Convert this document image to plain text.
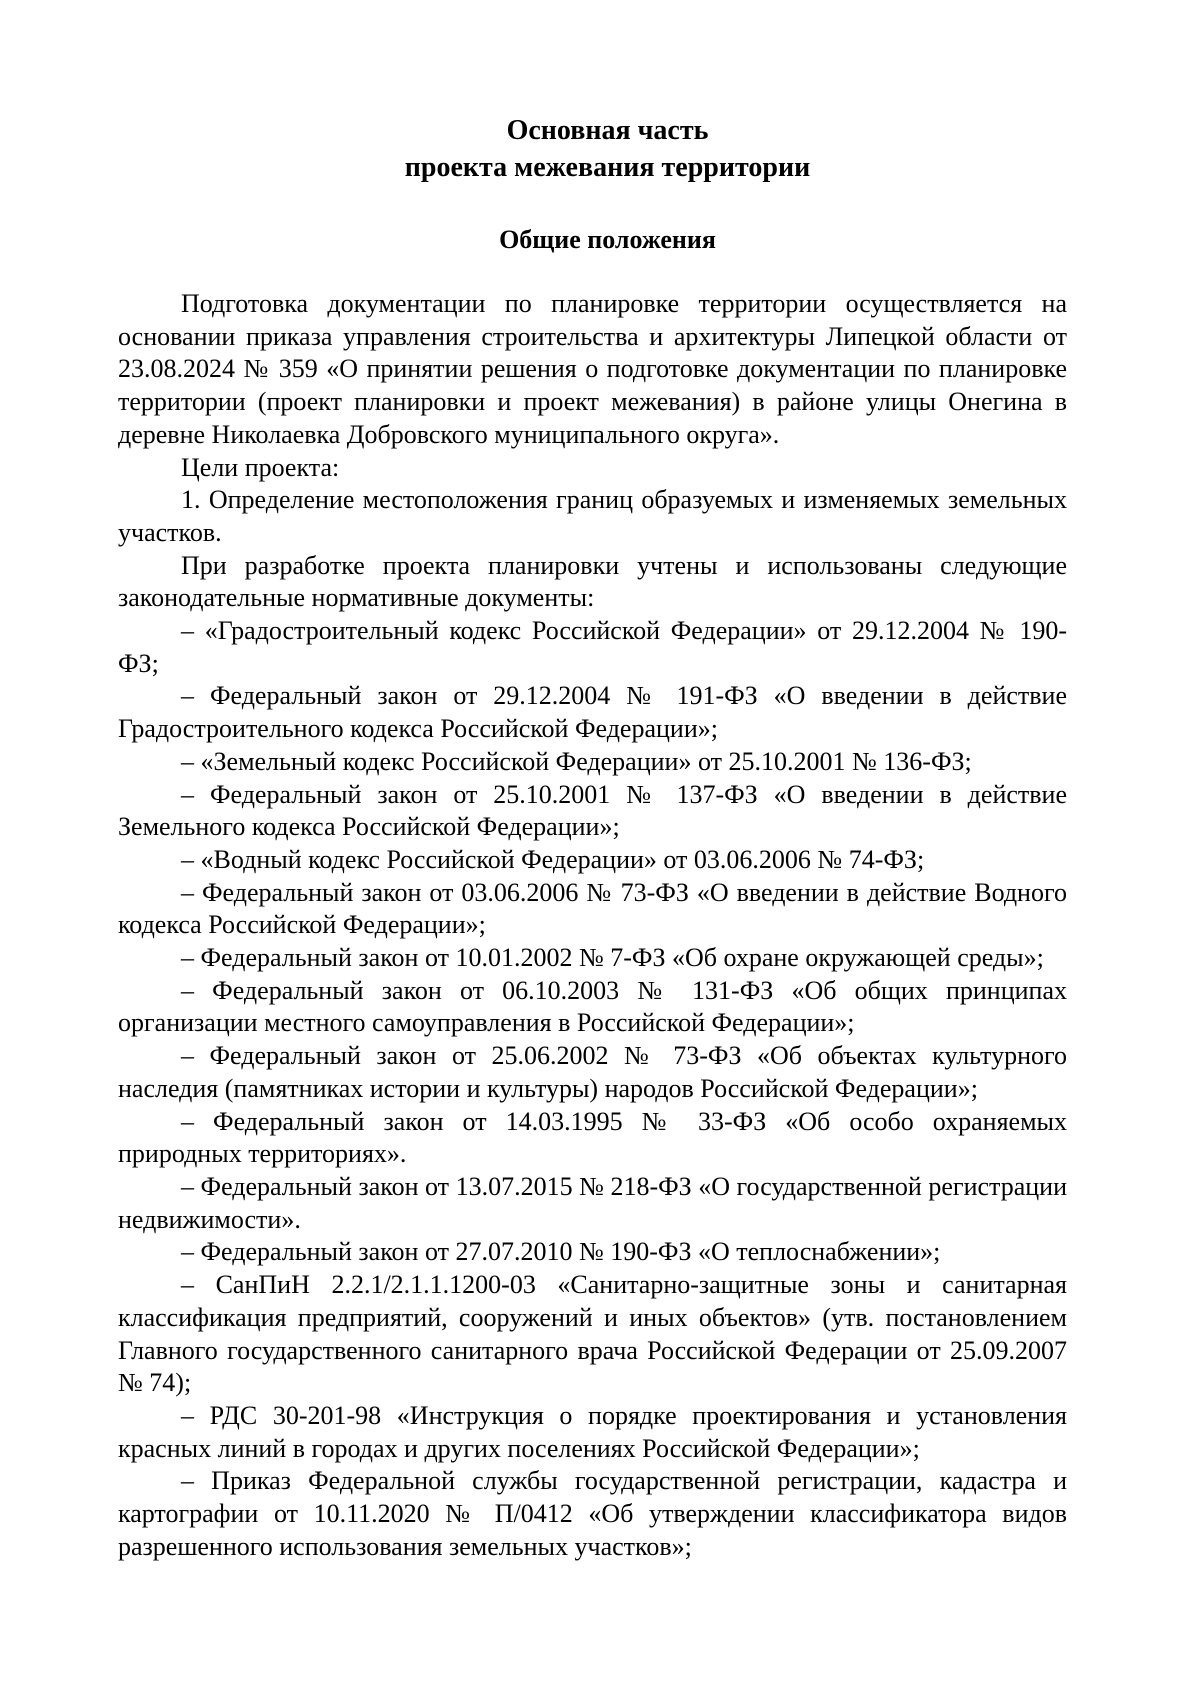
Основная часть
проекта межевания территории
Общие положения

Подготовка документации по планировке территории осуществляется на основании приказа управления строительства и архитектуры Липецкой области от 23.08.2024 № 359 «О принятии решения о подготовке документации по планировке территории (проект планировки и проект межевания) в районе улицы Онегина в деревне Николаевка Добровского муниципального округа».

Цели проекта:

1. Определение местоположения границ образуемых и изменяемых земельных участков.

При разработке проекта планировки учтены и использованы следующие законодательные нормативные документы:

– «Градостроительный кодекс Российской Федерации» от 29.12.2004 № 190-ФЗ;

– Федеральный закон от 29.12.2004 № 191-ФЗ «О введении в действие Градостроительного кодекса Российской Федерации»;

– «Земельный кодекс Российской Федерации» от 25.10.2001 № 136-ФЗ;

– Федеральный закон от 25.10.2001 № 137-ФЗ «О введении в действие Земельного кодекса Российской Федерации»;

– «Водный кодекс Российской Федерации» от 03.06.2006 № 74-ФЗ;

– Федеральный закон от 03.06.2006 № 73-ФЗ «О введении в действие Водного кодекса Российской Федерации»;

– Федеральный закон от 10.01.2002 № 7-ФЗ «Об охране окружающей среды»;

– Федеральный закон от 06.10.2003 № 131-ФЗ «Об общих принципах организации местного самоуправления в Российской Федерации»;

– Федеральный закон от 25.06.2002 № 73-ФЗ «Об объектах культурного наследия (памятниках истории и культуры) народов Российской Федерации»;

– Федеральный закон от 14.03.1995 № 33-ФЗ «Об особо охраняемых природных территориях».

– Федеральный закон от 13.07.2015 № 218-ФЗ «О государственной регистрации недвижимости».

– Федеральный закон от 27.07.2010 № 190-ФЗ «О теплоснабжении»;

– СанПиН 2.2.1/2.1.1.1200-03 «Санитарно-защитные зоны и санитарная классификация предприятий, сооружений и иных объектов» (утв. постановлением Главного государственного санитарного врача Российской Федерации от 25.09.2007 № 74);

– РДС 30-201-98 «Инструкция о порядке проектирования и установления красных линий в городах и других поселениях Российской Федерации»;

– Приказ Федеральной службы государственной регистрации, кадастра и картографии от 10.11.2020 № П/0412 «Об утверждении классификатора видов разрешенного использования земельных участков»;
